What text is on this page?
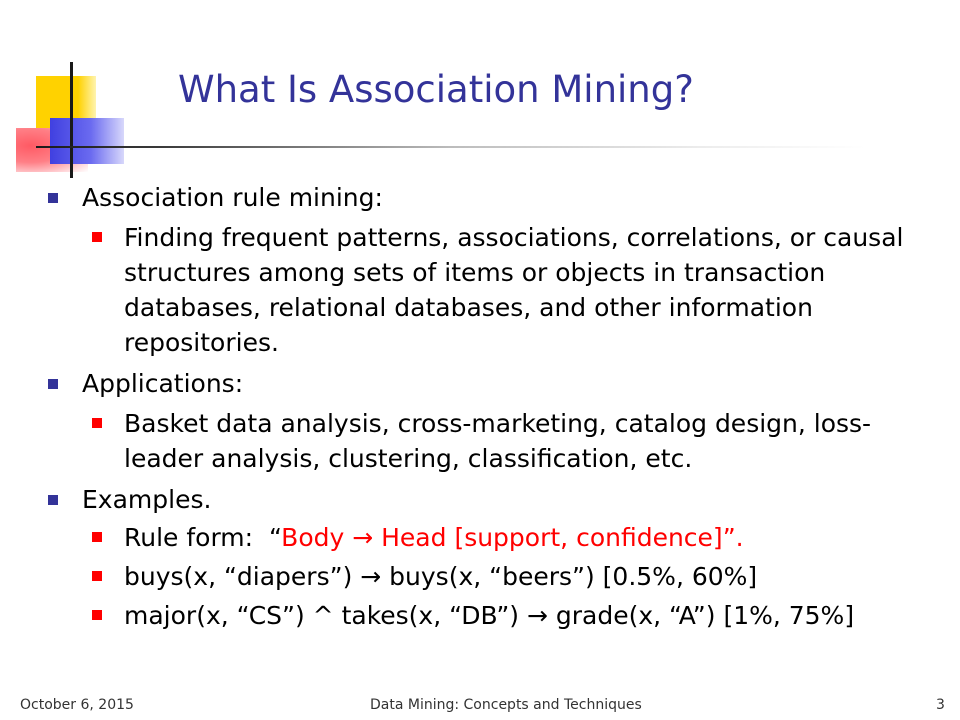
What Is Association Mining?
Association rule mining:
Finding frequent patterns, associations, correlations, or causal structures among sets of items or objects in transaction databases, relational databases, and other information repositories.
Applications:
Basket data analysis, cross-marketing, catalog design, loss-leader analysis, clustering, classification, etc.
Examples.
Rule form:  “Body → Head [support, confidence]”.
buys(x, “diapers”) → buys(x, “beers”) [0.5%, 60%]
major(x, “CS”) ^ takes(x, “DB”) → grade(x, “A”) [1%, 75%]
October 6, 2015	Data Mining: Concepts and Techniques	3
